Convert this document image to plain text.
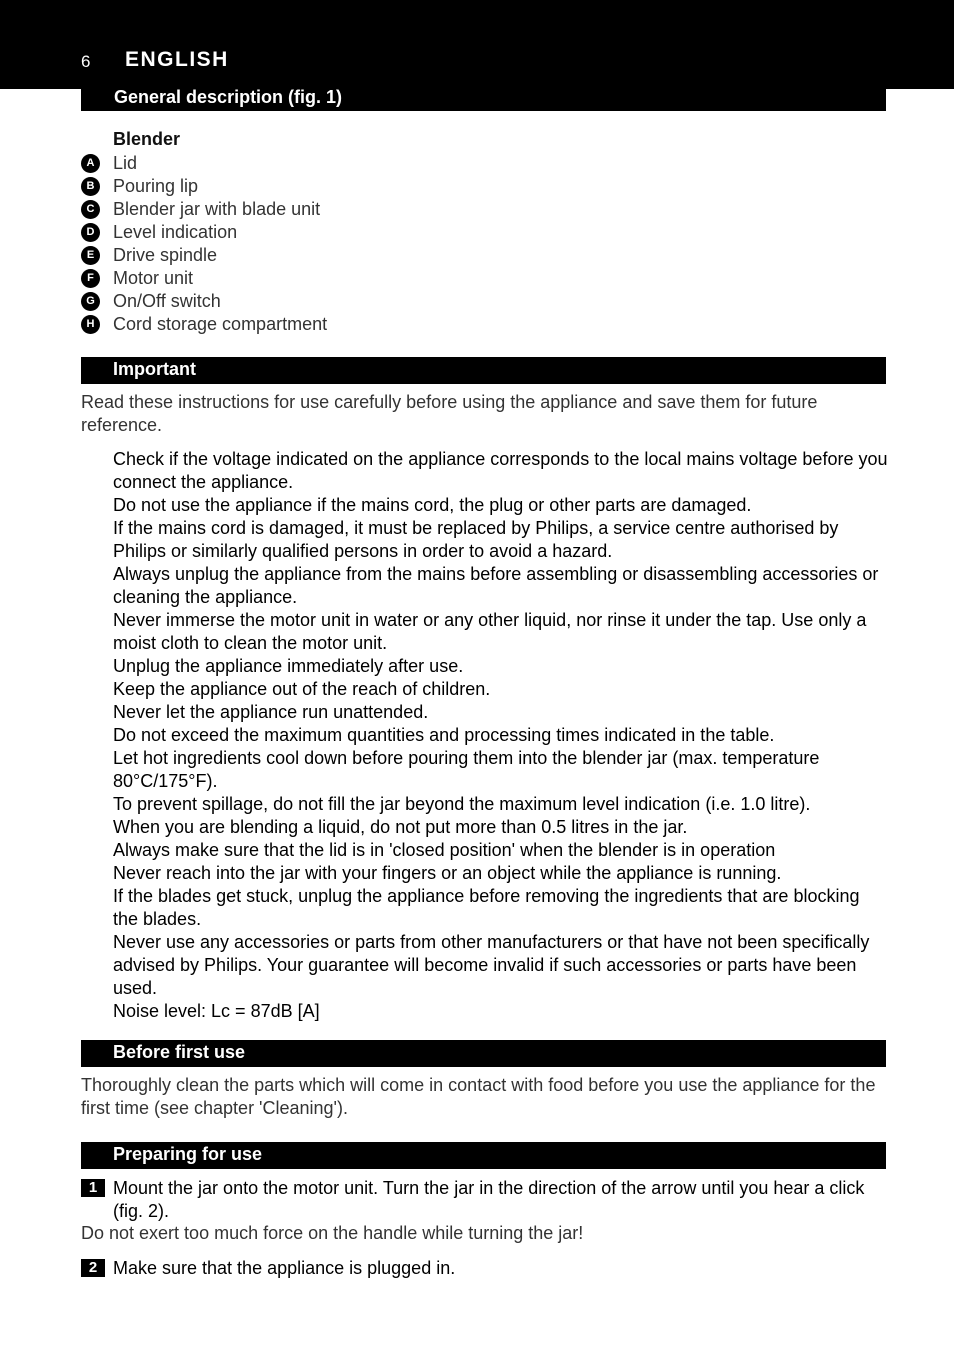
6 ENGLISH
General description (fig. 1)
Blender
A	Lid
B	Pouring lip
C	Blender jar with blade unit
D	Level indication
E	Drive spindle
F	Motor unit
G On/Off switch
H	Cord storage compartment
Important
Read these instructions for use carefully before using the appliance and save them for future reference.
Check if the voltage indicated on the appliance corresponds to the local mains voltage before you connect the appliance.
Do not use the appliance if the mains cord, the plug or other parts are damaged.
If the mains cord is damaged, it must be replaced by Philips, a service centre authorised by Philips or similarly qualified persons in order to avoid a hazard.
Always unplug the appliance from the mains before assembling or disassembling accessories or cleaning the appliance.
Never immerse the motor unit in water or any other liquid, nor rinse it under the tap. Use only a moist cloth to clean the motor unit.
Unplug the appliance immediately after use.
Keep the appliance out of the reach of children.
Never let the appliance run unattended.
Do not exceed the maximum quantities and processing times indicated in the table.
Let hot ingredients cool down before pouring them into the blender jar (max. temperature 80°C/175°F).
To prevent spillage, do not fill the jar beyond the maximum level indication (i.e. 1.0 litre).
When you are blending a liquid, do not put more than 0.5 litres in the jar.
Always make sure that the lid is in 'closed position' when the blender is in operation
Never reach into the jar with your fingers or an object while the appliance is running.
If the blades get stuck, unplug the appliance before removing the ingredients that are blocking the blades.
Never use any accessories or parts from other manufacturers or that have not been specifically advised by Philips. Your guarantee will become invalid if such accessories or parts have been used.
Noise level: Lc = 87dB [A]
Before first use
Thoroughly clean the parts which will come in contact with food before you use the appliance for the first time (see chapter 'Cleaning').
Preparing for use
1 Mount the jar onto the motor unit. Turn the jar in the direction of the arrow until you hear a click (fig. 2).
Do not exert too much force on the handle while turning the jar!
2 Make sure that the appliance is plugged in.
